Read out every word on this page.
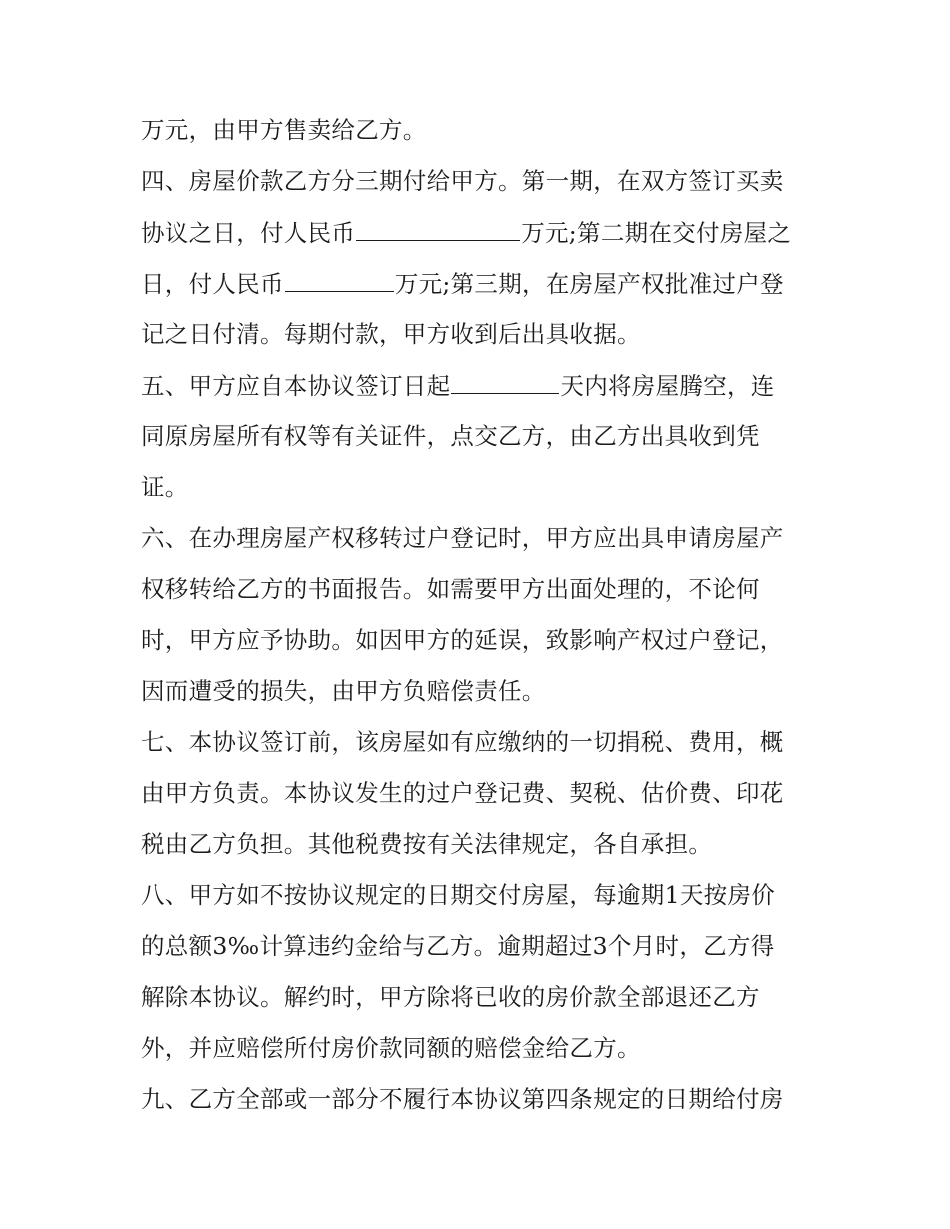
万元，由甲方售卖给乙方。
四、房屋价款乙方分三期付给甲方。第一期，在双方签订买卖
协议之日，付人民币	万元;第二期在交付房屋之
日，付人民币	万元;第三期，在房屋产权批准过户登
记之日付清。每期付款，甲方收到后出具收据。
五、甲方应自本协议签订日起	天内将房屋腾空，连
同原房屋所有权等有关证件，点交乙方，由乙方出具收到凭
证。
六、在办理房屋产权移转过户登记时，甲方应出具申请房屋产
权移转给乙方的书面报告。如需要甲方出面处理的，不论何
时，甲方应予协助。如因甲方的延误，致影响产权过户登记，
因而遭受的损失，由甲方负赔偿责任。
七、本协议签订前，该房屋如有应缴纳的一切捐税、费用，概
由甲方负责。本协议发生的过户登记费、契税、估价费、印花
税由乙方负担。其他税费按有关法律规定，各自承担。
八、甲方如不按协议规定的日期交付房屋，每逾期1天按房价
的总额3‰计算违约金给与乙方。逾期超过3个月时，乙方得
解除本协议。解约时，甲方除将已收的房价款全部退还乙方
外，并应赔偿所付房价款同额的赔偿金给乙方。
九、乙方全部或一部分不履行本协议第四条规定的日期给付房
